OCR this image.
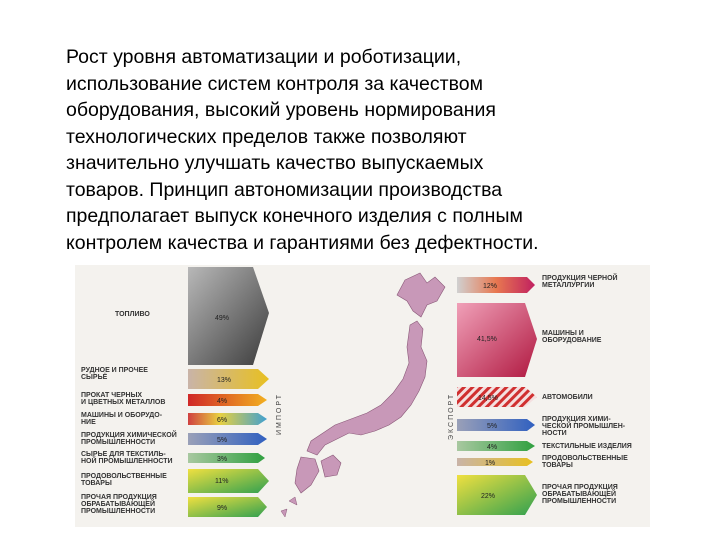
Рост уровня автоматизации и роботизации,
использование систем контроля за качеством
оборудования, высокий уровень нормирования
технологических пределов также позволяют
значительно улучшать качество выпускаемых
товаров. Принцип автономизации производства
предполагает выпуск конечного изделия с полным
контролем качества и гарантиями без дефектности.
ИМПОРТ	ЭКСПОРТ
ТОПЛИВО
РУДНОЕ И ПРОЧЕЕ СЫРЬЁ
ПРОКАТ ЧЕРНЫХ И ЦВЕТНЫХ МЕТАЛЛОВ
МАШИНЫ И ОБОРУДО-НИЕ
ПРОДУКЦИЯ ХИМИЧЕСКОЙ ПРОМЫШЛЕННОСТИ
СЫРЬЕ ДЛЯ ТЕКСТИЛЬ-НОЙ ПРОМЫШЛЕННОСТИ
ПРОДОВОЛЬСТВЕННЫЕ ТОВАРЫ
ПРОЧАЯ ПРОДУКЦИЯ ОБРАБАТЫВАЮЩЕЙ ПРОМЫШЛЕННОСТИ
49%
13%
4%
6%
5%
3%
11%
9%
12%
41,5%
14,5%
5%
4%
1%
22%
ПРОДУКЦИЯ ЧЕРНОЙ МЕТАЛЛУРГИИ
МАШИНЫ И ОБОРУДОВАНИЕ
АВТОМОБИЛИ
ПРОДУКЦИЯ ХИМИ-ЧЕСКОЙ ПРОМЫШЛЕН-НОСТИ
ТЕКСТИЛЬНЫЕ ИЗДЕЛИЯ
ПРОДОВОЛЬСТВЕННЫЕ ТОВАРЫ
ПРОЧАЯ ПРОДУКЦИЯ ОБРАБАТЫВАЮЩЕЙ ПРОМЫШЛЕННОСТИ
